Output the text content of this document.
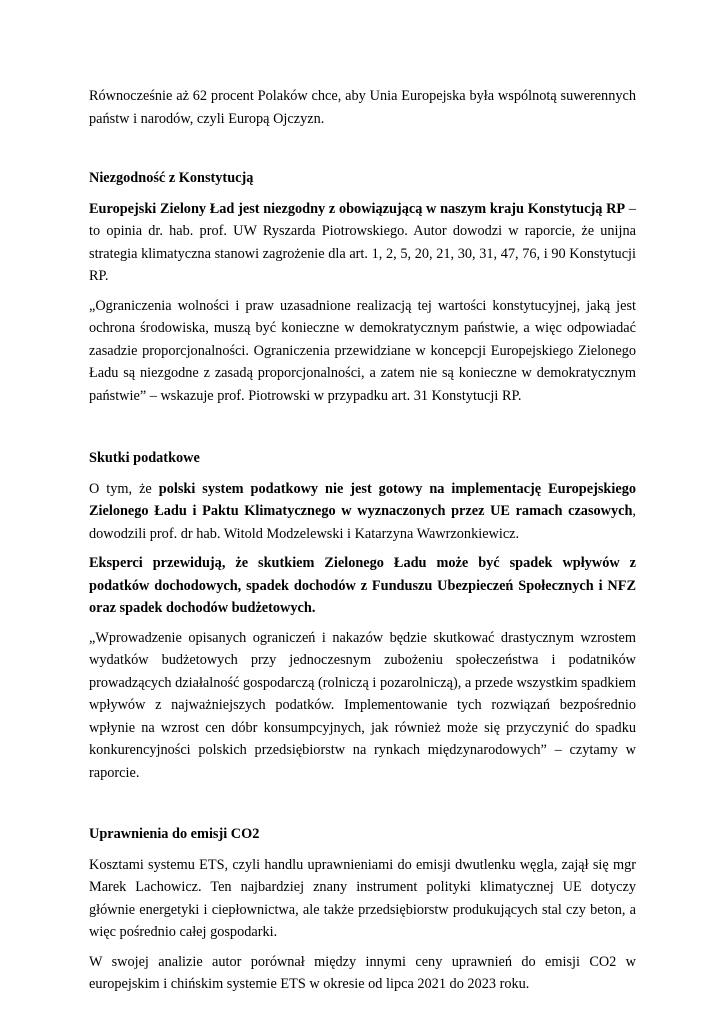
Równocześnie aż 62 procent Polaków chce, aby Unia Europejska była wspólnotą suwerennych państw i narodów, czyli Europą Ojczyzn.

Niezgodność z Konstytucją

Europejski Zielony Ład jest niezgodny z obowiązującą w naszym kraju Konstytucją RP – to opinia dr. hab. prof. UW Ryszarda Piotrowskiego. Autor dowodzi w raporcie, że unijna strategia klimatyczna stanowi zagrożenie dla art. 1, 2, 5, 20, 21, 30, 31, 47, 76, i 90 Konstytucji RP.

„Ograniczenia wolności i praw uzasadnione realizacją tej wartości konstytucyjnej, jaką jest ochrona środowiska, muszą być konieczne w demokratycznym państwie, a więc odpowiadać zasadzie proporcjonalności. Ograniczenia przewidziane w koncepcji Europejskiego Zielonego Ładu są niezgodne z zasadą proporcjonalności, a zatem nie są konieczne w demokratycznym państwie” – wskazuje prof. Piotrowski w przypadku art. 31 Konstytucji RP.

Skutki podatkowe

O tym, że polski system podatkowy nie jest gotowy na implementację Europejskiego Zielonego Ładu i Paktu Klimatycznego w wyznaczonych przez UE ramach czasowych, dowodzili prof. dr hab. Witold Modzelewski i Katarzyna Wawrzonkiewicz.

Eksperci przewidują, że skutkiem Zielonego Ładu może być spadek wpływów z podatków dochodowych, spadek dochodów z Funduszu Ubezpieczeń Społecznych i NFZ oraz spadek dochodów budżetowych.

„Wprowadzenie opisanych ograniczeń i nakazów będzie skutkować drastycznym wzrostem wydatków budżetowych przy jednoczesnym zubożeniu społeczeństwa i podatników prowadzących działalność gospodarczą (rolniczą i pozarolniczą), a przede wszystkim spadkiem wpływów z najważniejszych podatków. Implementowanie tych rozwiązań bezpośrednio wpłynie na wzrost cen dóbr konsumpcyjnych, jak również może się przyczynić do spadku konkurencyjności polskich przedsiębiorstw na rynkach międzynarodowych” – czytamy w raporcie.

Uprawnienia do emisji CO2

Kosztami systemu ETS, czyli handlu uprawnieniami do emisji dwutlenku węgla, zajął się mgr Marek Lachowicz. Ten najbardziej znany instrument polityki klimatycznej UE dotyczy głównie energetyki i ciepłownictwa, ale także przedsiębiorstw produkujących stal czy beton, a więc pośrednio całej gospodarki.

W swojej analizie autor porównał między innymi ceny uprawnień do emisji CO2 w europejskim i chińskim systemie ETS w okresie od lipca 2021 do 2023 roku.
